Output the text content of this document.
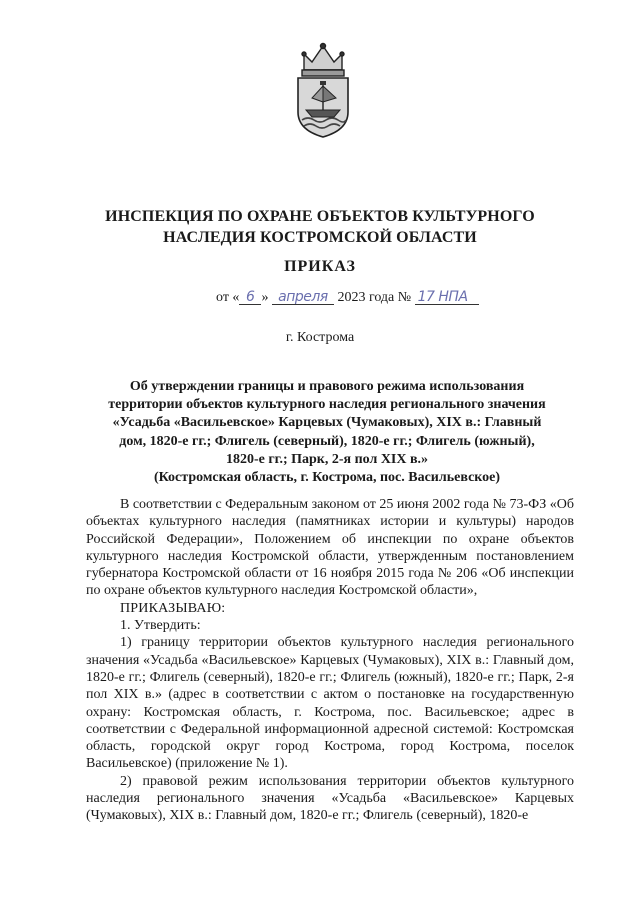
ИНСПЕКЦИЯ ПО ОХРАНЕ ОБЪЕКТОВ КУЛЬТУРНОГО
НАСЛЕДИЯ КОСТРОМСКОЙ ОБЛАСТИ
ПРИКАЗ
от « 6 » апреля 2023 года № 17 НПА
г. Кострома
Об утверждении границы и правового режима использования
территории объектов культурного наследия регионального значения
«Усадьба «Васильевское» Карцевых (Чумаковых), XIX в.: Главный
дом, 1820-е гг.; Флигель (северный), 1820-е гг.; Флигель (южный),
1820-е гг.; Парк, 2-я пол XIX в.»
(Костромская область, г. Кострома, пос. Васильевское)

В соответствии с Федеральным законом от 25 июня 2002 года № 73-ФЗ «Об объектах культурного наследия (памятниках истории и культуры) народов Российской Федерации», Положением об инспекции по охране объектов культурного наследия Костромской области, утвержденным постановлением губернатора Костромской области от 16 ноября 2015 года № 206 «Об инспекции по охране объектов культурного наследия Костромской области»,

ПРИКАЗЫВАЮ:

1. Утвердить:

1) границу территории объектов культурного наследия регионального значения «Усадьба «Васильевское» Карцевых (Чумаковых), XIX в.: Главный дом, 1820-е гг.; Флигель (северный), 1820-е гг.; Флигель (южный), 1820-е гг.; Парк, 2-я пол XIX в.» (адрес в соответствии с актом о постановке на государственную охрану: Костромская область, г. Кострома, пос. Васильевское; адрес в соответствии с Федеральной информационной адресной системой: Костромская область, городской округ город Кострома, город Кострома, поселок Васильевское) (приложение № 1).

2) правовой режим использования территории объектов культурного наследия регионального значения «Усадьба «Васильевское» Карцевых (Чумаковых), XIX в.: Главный дом, 1820-е гг.; Флигель (северный), 1820-е
